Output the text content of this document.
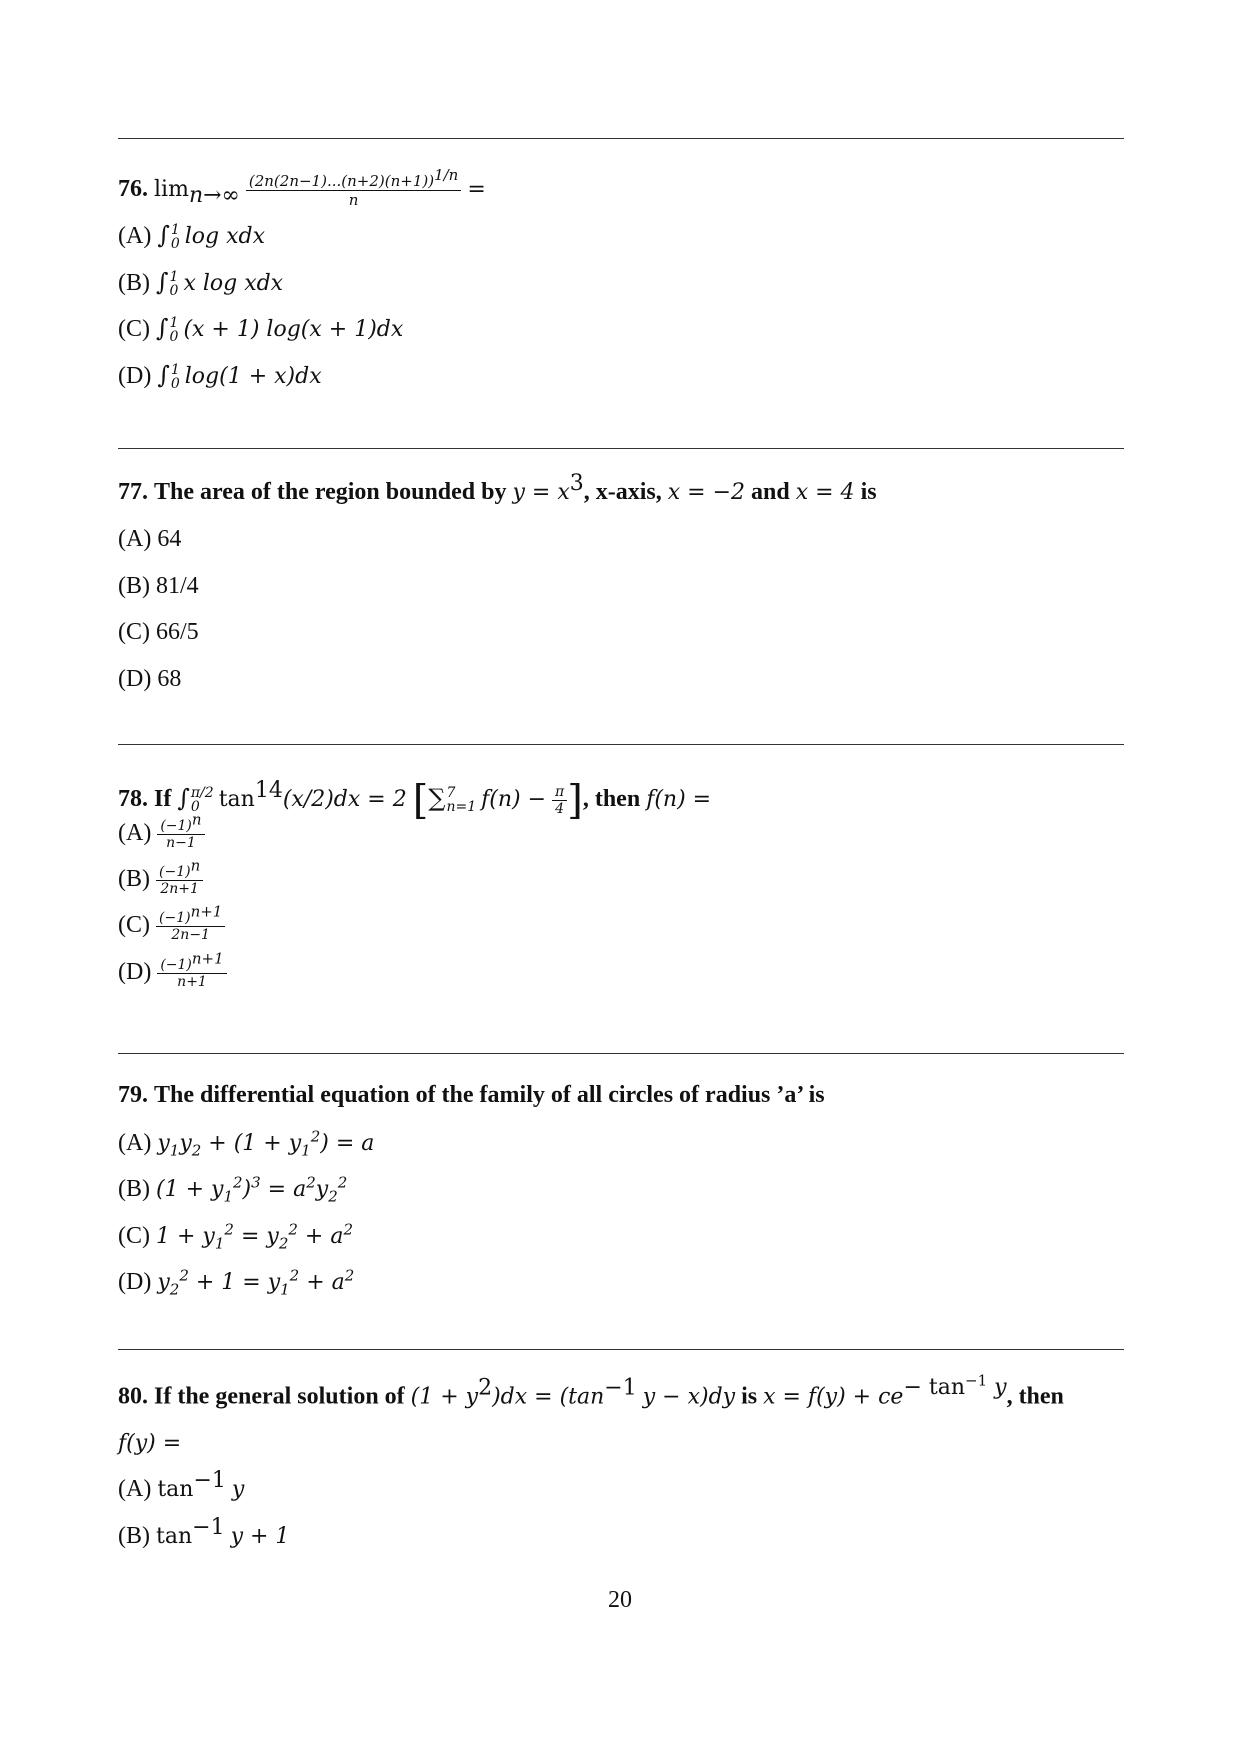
76. $\lim_{n\to\infty} \frac{(2n(2n-1)...(n+2)(n+1))^{1/n}}{n}$ =
(A) ∫ 1
0 log xdx
(B) ∫ 1
0 x log xdx
(C) ∫ 1
0 (x + 1) log(x + 1)dx
(D) ∫ 1
0 log(1 + x)dx
77. The area of the region bounded by $y = x^3$, x-axis, x = −2 and x = 4 is
(A) 64
(B) 81/4
(C) 66/5
(D) 68
78. If ∫ π/2
0 $\tan^{14}(x/2)dx = 2$ [∑ 7
n=1 $f(n) - \frac{\pi}{4}$ ], then f(n) =
$(A) \frac{(-1)^n}{n-1}$
$(B) \frac{(-1)^n}{2n+1}$
$(C) \frac{(-1)^{n+1}}{2n-1}$
$(D) \frac{(-1)^{n+1}}{n+1}$
79. The differential equation of the family of all circles of radius ’a’ is
(A) $y_1y_2 + (1 + y_1^2) = a$
(B) $(1 + y_1^2)^3 = a^2y_2^2$
(C) $1 + y_1^2 = y_2^2 + a^2$
(D) $y_2^2 + 1 = y_1^2 + a^2$
80. If the general solution of $(1 + y^2)dx = (\tan^{-1}$ y − x)dy is $x = f(y) + ce^{- tan^{-1} y}$, then
f(y) =
(A) $\tan^{-1} y$
(B) $\tan^{-1} y + 1$
20
